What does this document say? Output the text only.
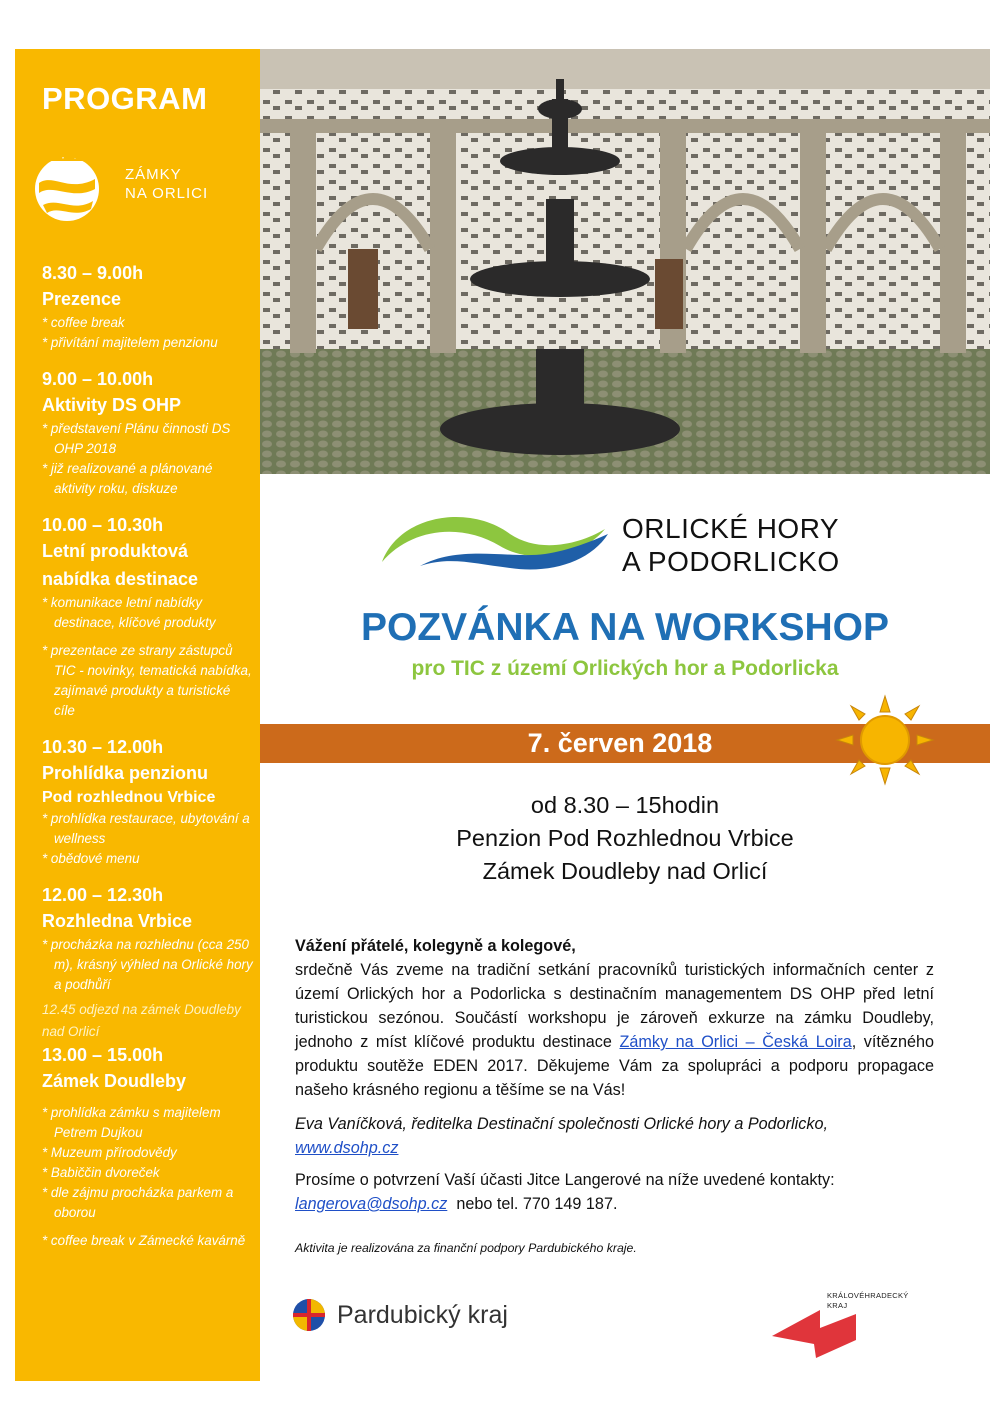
PROGRAM
ZÁMKY
NA ORLICI
8.30 – 9.00h
Prezence
* coffee break
* přivítání majitelem penzionu
9.00 – 10.00h
Aktivity DS OHP
* představení Plánu činnosti DS OHP 2018
* již realizované a plánované aktivity roku, diskuze
10.00 – 10.30h
Letní produktová
nabídka destinace
* komunikace letní nabídky destinace, klíčové produkty
* prezentace ze strany zástupců TIC - novinky, tematická nabídka, zajímavé produkty a turistické cíle
10.30 – 12.00h
Prohlídka penzionu
Pod rozhlednou Vrbice
* prohlídka restaurace, ubytování a wellness
* obědové menu
12.00 – 12.30h
Rozhledna Vrbice
* procházka na rozhlednu (cca 250 m), krásný výhled na Orlické hory a podhůří
12.45 odjezd na zámek Doudleby nad Orlicí
13.00 – 15.00h
Zámek Doudleby
* prohlídka zámku s majitelem Petrem Dujkou
* Muzeum přírodovědy
* Babiččin dvoreček
* dle zájmu procházka parkem a oborou
* coffee break v Zámecké kavárně
ORLICKÉ HORY
A PODORLICKO
POZVÁNKA NA WORKSHOP
pro TIC z území Orlických hor a Podorlicka
7. červen 2018
od 8.30 – 15hodin
Penzion Pod Rozhlednou Vrbice
Zámek Doudleby nad Orlicí

Vážení přátelé, kolegyně a kolegové,

srdečně Vás zveme na tradiční setkání pracovníků turistických informačních center z území Orlických hor a Podorlicka s destinačním managementem DS OHP před letní turistickou sezónou. Součástí workshopu je zároveň exkurze na zámku Doudleby, jednoho z míst klíčové produktu destinace Zámky na Orlici – Česká Loira, vítězného produktu soutěže EDEN 2017. Děkujeme Vám za spolupráci a podporu propagace našeho krásného regionu a těšíme se na Vás!

Eva Vaníčková, ředitelka Destinační společnosti Orlické hory a Podorlicko,
www.dsohp.cz

Prosíme o potvrzení Vaší účasti Jitce Langerové na níže uvedené kontakty:
langerova@dsohp.cz  nebo tel. 770 149 187.

Aktivita je realizována za finanční podpory Pardubického kraje.

Pardubický kraj
KRÁLOVÉHRADECKÝ
KRAJ
